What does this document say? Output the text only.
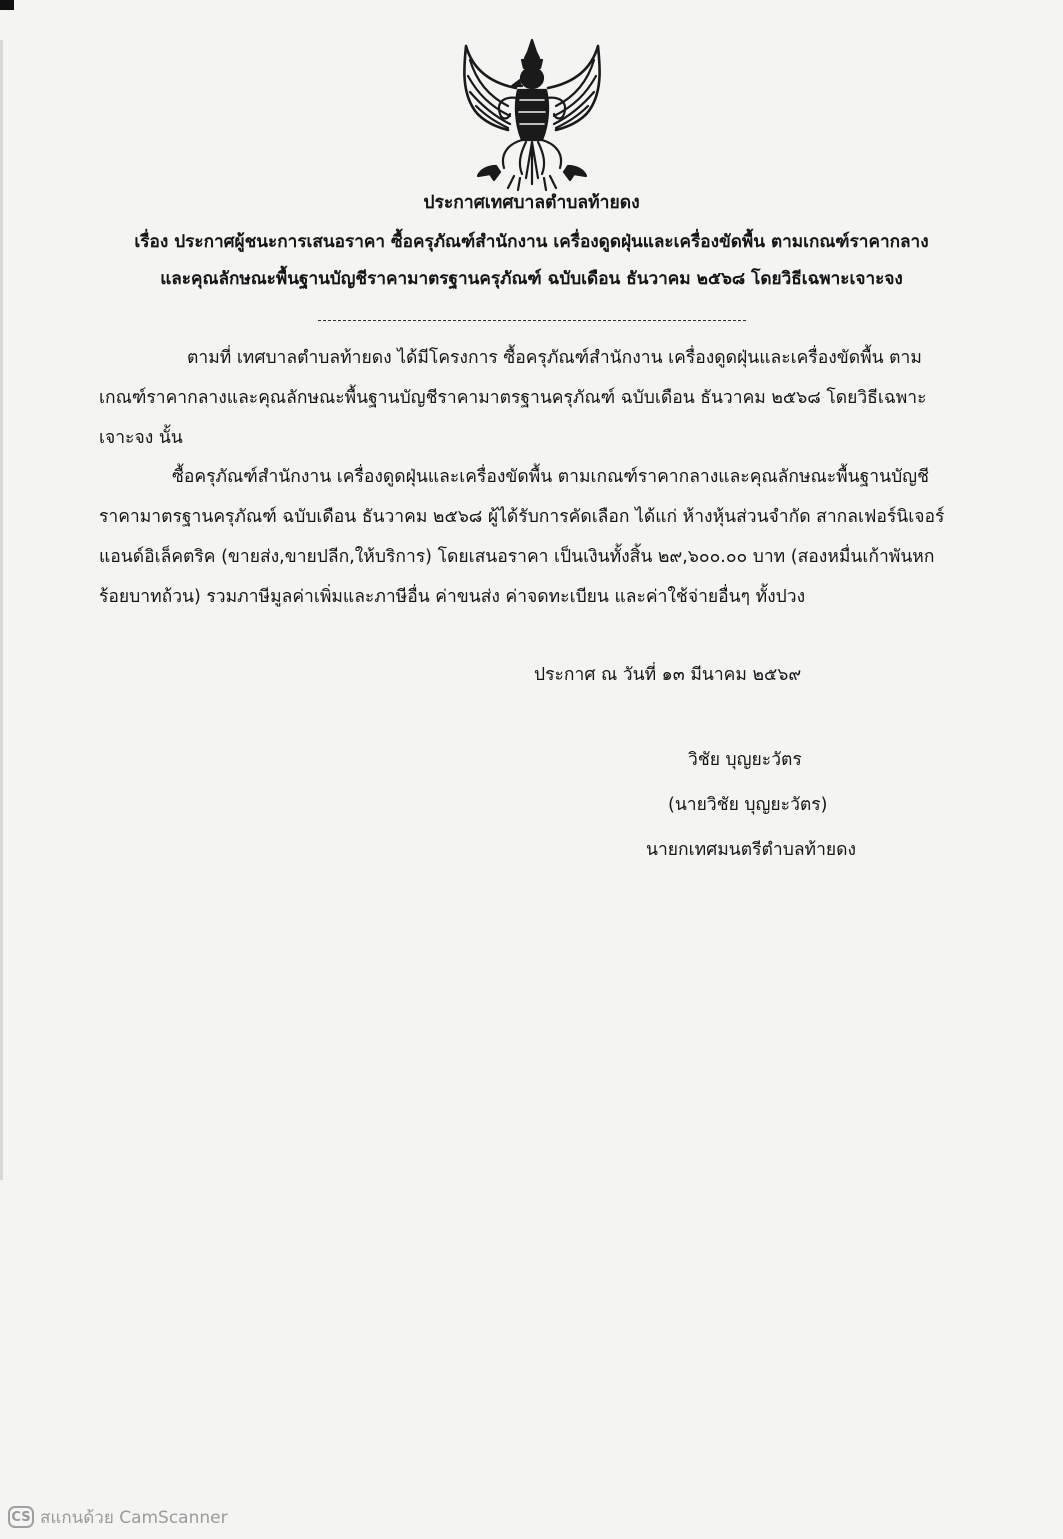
ประกาศเทศบาลตำบลท้ายดง
เรื่อง ประกาศผู้ชนะการเสนอราคา ซื้อครุภัณฑ์สำนักงาน เครื่องดูดฝุ่นและเครื่องขัดพื้น ตามเกณฑ์ราคากลาง
และคุณลักษณะพื้นฐานบัญชีราคามาตรฐานครุภัณฑ์ ฉบับเดือน ธันวาคม ๒๕๖๘ โดยวิธีเฉพาะเจาะจง
ตามที่ เทศบาลตำบลท้ายดง ได้มีโครงการ ซื้อครุภัณฑ์สำนักงาน เครื่องดูดฝุ่นและเครื่องขัดพื้น ตาม
เกณฑ์ราคากลางและคุณลักษณะพื้นฐานบัญชีราคามาตรฐานครุภัณฑ์ ฉบับเดือน ธันวาคม ๒๕๖๘ โดยวิธีเฉพาะ
เจาะจง นั้น
ซื้อครุภัณฑ์สำนักงาน เครื่องดูดฝุ่นและเครื่องขัดพื้น ตามเกณฑ์ราคากลางและคุณลักษณะพื้นฐานบัญชี
ราคามาตรฐานครุภัณฑ์ ฉบับเดือน ธันวาคม ๒๕๖๘ ผู้ได้รับการคัดเลือก ได้แก่ ห้างหุ้นส่วนจำกัด สากลเฟอร์นิเจอร์
แอนด์อิเล็คตริค (ขายส่ง,ขายปลีก,ให้บริการ) โดยเสนอราคา เป็นเงินทั้งสิ้น ๒๙,๖๐๐.๐๐ บาท (สองหมื่นเก้าพันหก
ร้อยบาทถ้วน) รวมภาษีมูลค่าเพิ่มและภาษีอื่น ค่าขนส่ง ค่าจดทะเบียน และค่าใช้จ่ายอื่นๆ ทั้งปวง
ประกาศ ณ วันที่ ๑๓ มีนาคม ๒๕๖๙
วิชัย บุญยะวัตร
(นายวิชัย บุญยะวัตร)
นายกเทศมนตรีตำบลท้ายดง
CS สแกนด้วย CamScanner
